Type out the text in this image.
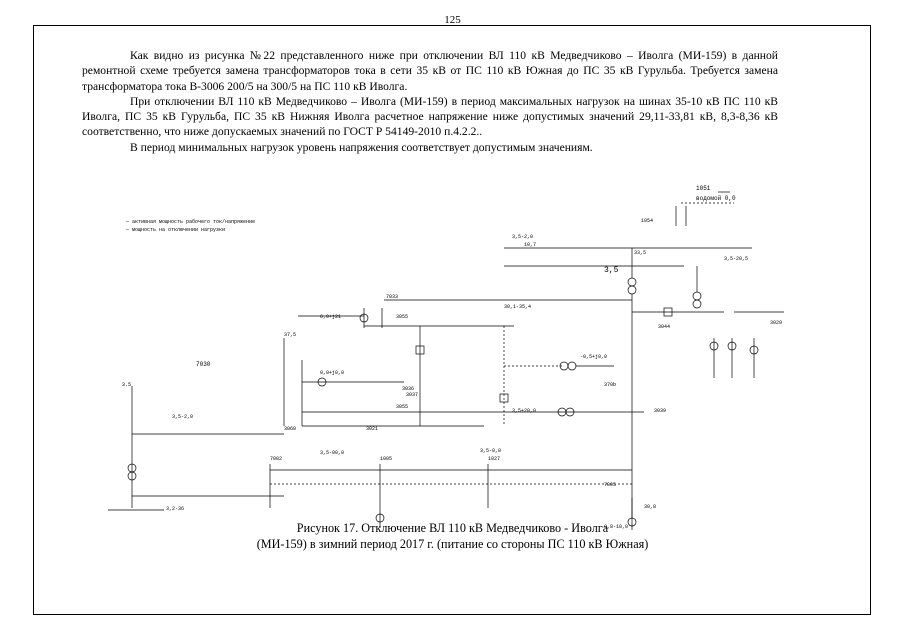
125

Как видно из рисунка №22 представленного ниже при отключении ВЛ 110 кВ Медведчиково – Иволга (МИ-159) в данной ремонтной схеме требуется замена трансформаторов тока в сети 35 кВ от ПС 110 кВ Южная до ПС 35 кВ Гурульба. Требуется замена трансформатора тока В-3006 200/5 на 300/5 на ПС 110 кВ Иволга.

При отключении ВЛ 110 кВ Медведчиково – Иволга (МИ-159) в период максимальных нагрузок на шинах 35-10 кВ ПС 110 кВ Иволга, ПС 35 кВ Гурульба, ПС 35 кВ Нижняя Иволга расчетное напряжение ниже допустимых значений 29,11-33,81 кВ, 8,3-8,36 кВ соответственно, что ниже допускаемых значений по ГОСТ Р 54149-2010 п.4.2.2..

В период минимальных нагрузок уровень напряжения соответствует допустимым значениям.

— активная мощность рабочего ток/напряжение
— мощность на отключении нагрузки
1051
водомой 0,0
1054
10,7
3,5
33,5
7033
7030
3055
3036
3044
3039
3060	3021
3055
3037
3029
7002	1005	1027
7005
30,8
37,5
370b
3.5
3,2-36
3,5-2,0
3,5+20,0
3,5-20,5
30,1-35,4
6,0+j21
0,0+j0,0
3,5-2,0
-0,5+j0,0
3,5-0,0
3,5-00,0
0,8-10,0
Рисунок 17. Отключение ВЛ 110 кВ Медведчиково - Иволга
(МИ-159) в зимний период 2017 г. (питание со стороны ПС 110 кВ Южная)
